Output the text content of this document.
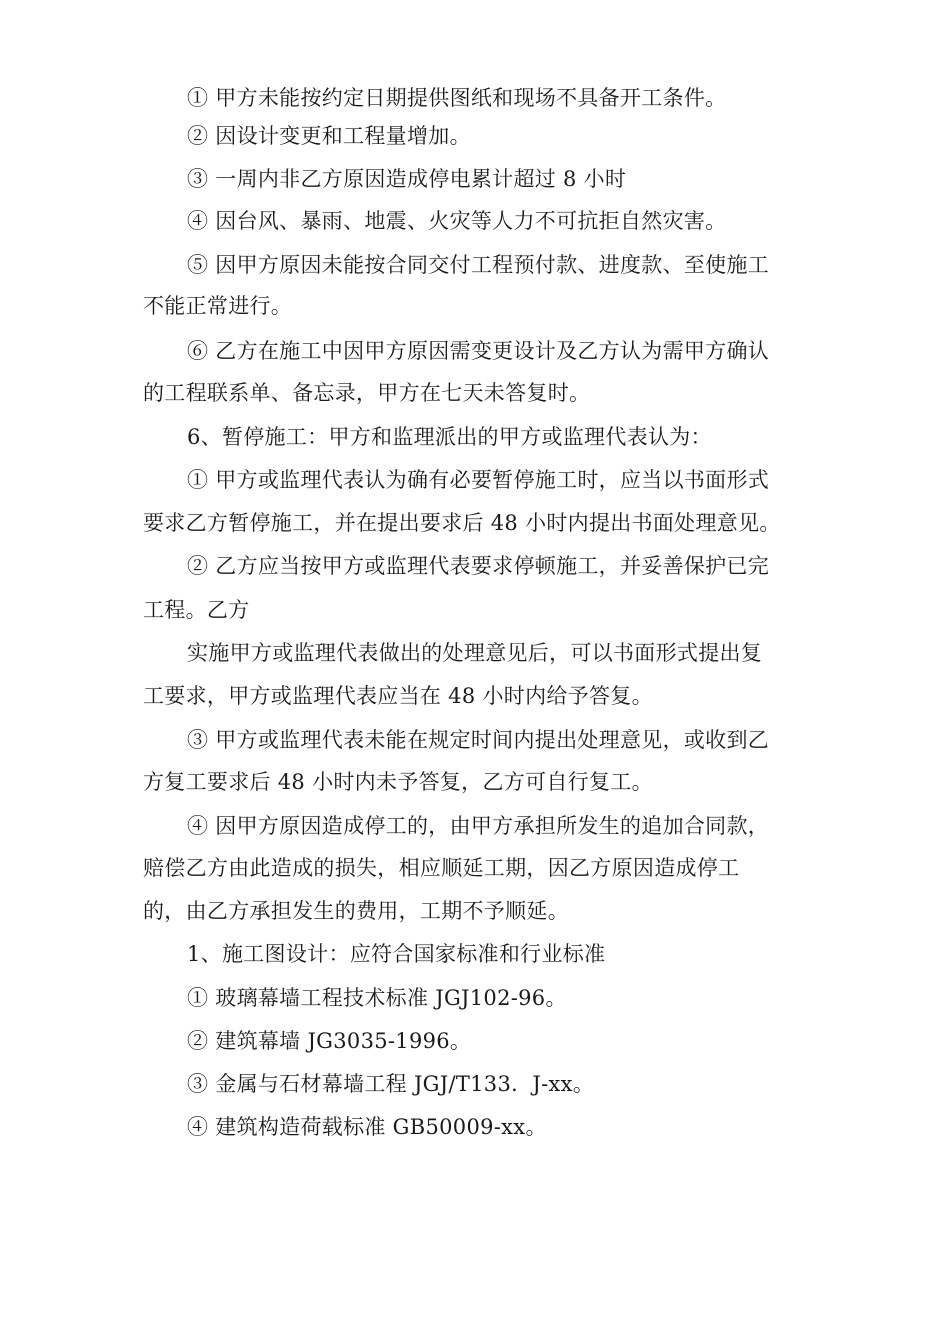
① 甲方未能按约定日期提供图纸和现场不具备开工条件。
② 因设计变更和工程量增加。
③ 一周内非乙方原因造成停电累计超过 8 小时
④ 因台风、暴雨、地震、火灾等人力不可抗拒自然灾害。
⑤ 因甲方原因未能按合同交付工程预付款、进度款、至使施工
不能正常进行。
⑥ 乙方在施工中因甲方原因需变更设计及乙方认为需甲方确认
的工程联系单、备忘录，甲方在七天未答复时。
6、暂停施工：甲方和监理派出的甲方或监理代表认为：
① 甲方或监理代表认为确有必要暂停施工时，应当以书面形式
要求乙方暂停施工，并在提出要求后 48 小时内提出书面处理意见。
② 乙方应当按甲方或监理代表要求停顿施工，并妥善保护已完
工程。乙方
实施甲方或监理代表做出的处理意见后，可以书面形式提出复
工要求，甲方或监理代表应当在 48 小时内给予答复。
③ 甲方或监理代表未能在规定时间内提出处理意见，或收到乙
方复工要求后 48 小时内未予答复，乙方可自行复工。
④ 因甲方原因造成停工的，由甲方承担所发生的追加合同款，
赔偿乙方由此造成的损失，相应顺延工期，因乙方原因造成停工
的，由乙方承担发生的费用，工期不予顺延。
1、施工图设计：应符合国家标准和行业标准
① 玻璃幕墙工程技术标准 JGJ102-96。
② 建筑幕墙 JG3035-1996。
③ 金属与石材幕墙工程 JGJ/T133．J-xx。
④ 建筑构造荷载标准 GB50009-xx。
